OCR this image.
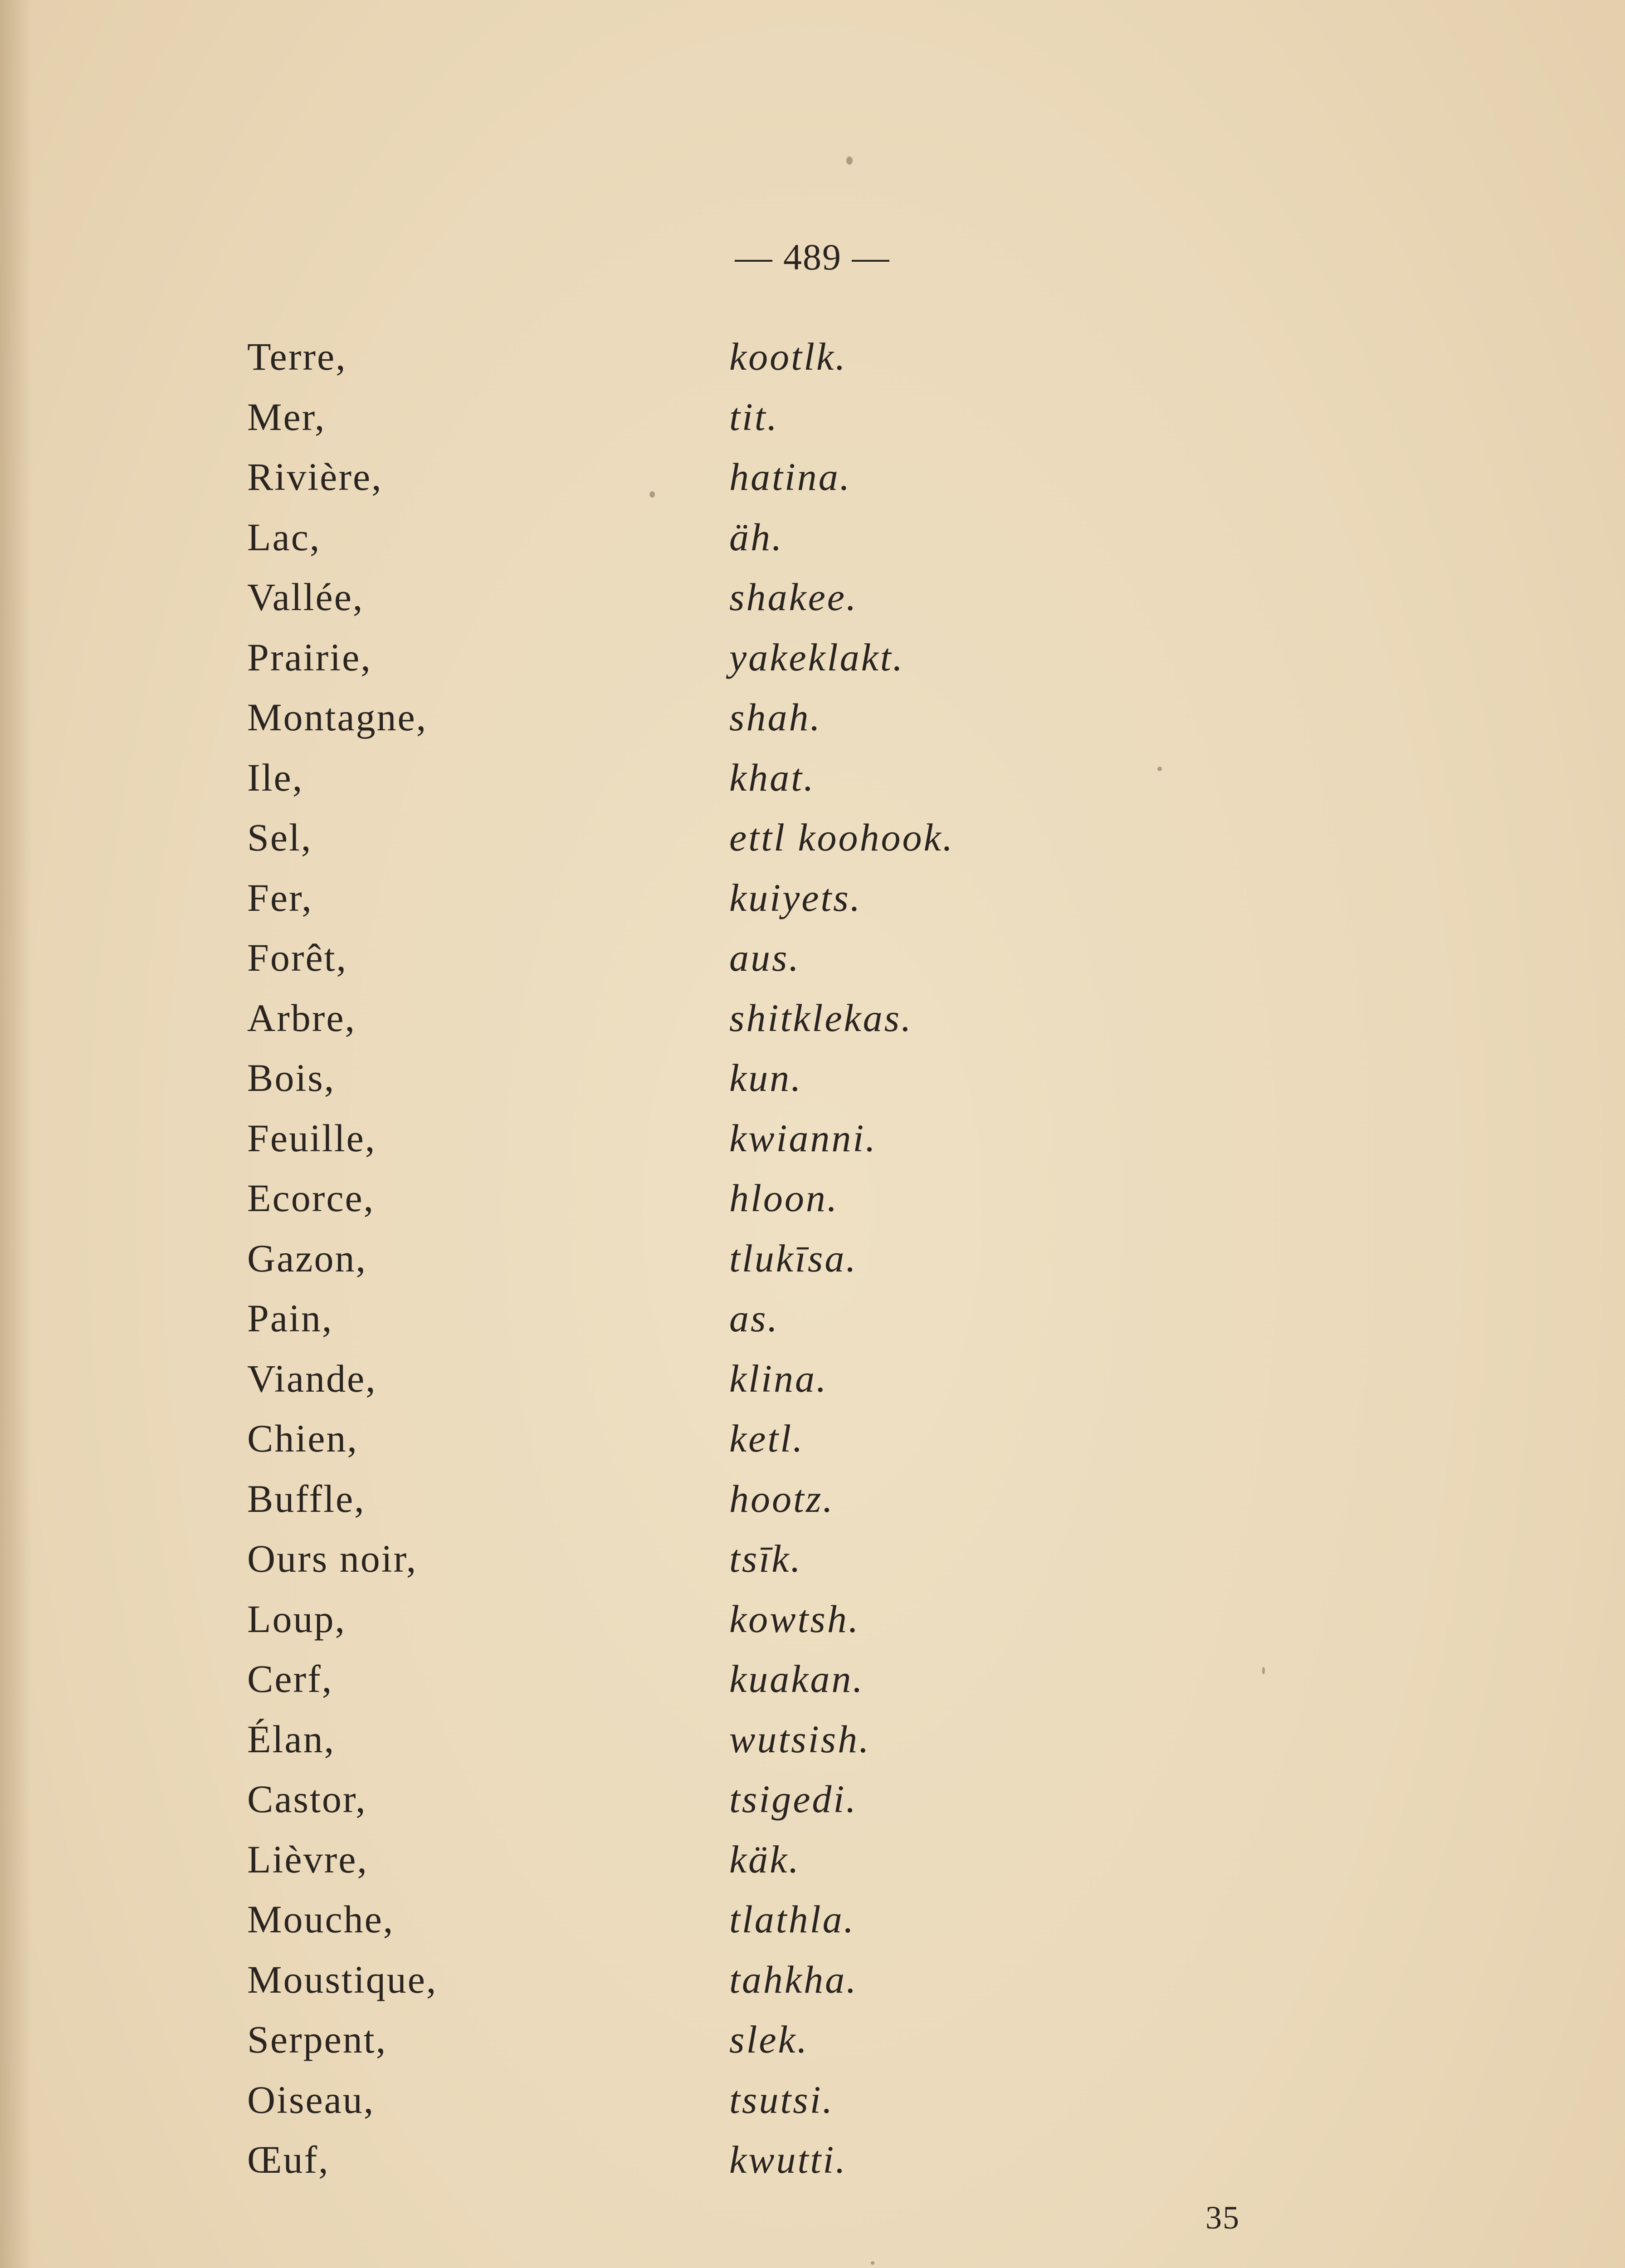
— 489 —
Terre,	kootlk.
Mer,	tit.
Rivière,	hatina.
Lac,	äh.
Vallée,	shakee.
Prairie,	yakeklakt.
Montagne,	shah.
Ile,	khat.
Sel,	ettl koohook.
Fer,	kuiyets.
Forêt,	aus.
Arbre,	shitklekas.
Bois,	kun.
Feuille,	kwianni.
Ecorce,	hloon.
Gazon,	tlukīsa.
Pain,	as.
Viande,	klina.
Chien,	ketl.
Buffle,	hootz.
Ours noir,	tsīk.
Loup,	kowtsh.
Cerf,	kuakan.
Élan,	wutsish.
Castor,	tsigedi.
Lièvre,	käk.
Mouche,	tlathla.
Moustique,	tahkha.
Serpent,	slek.
Oiseau,	tsutsi.
Œuf,	kwutti.
35
